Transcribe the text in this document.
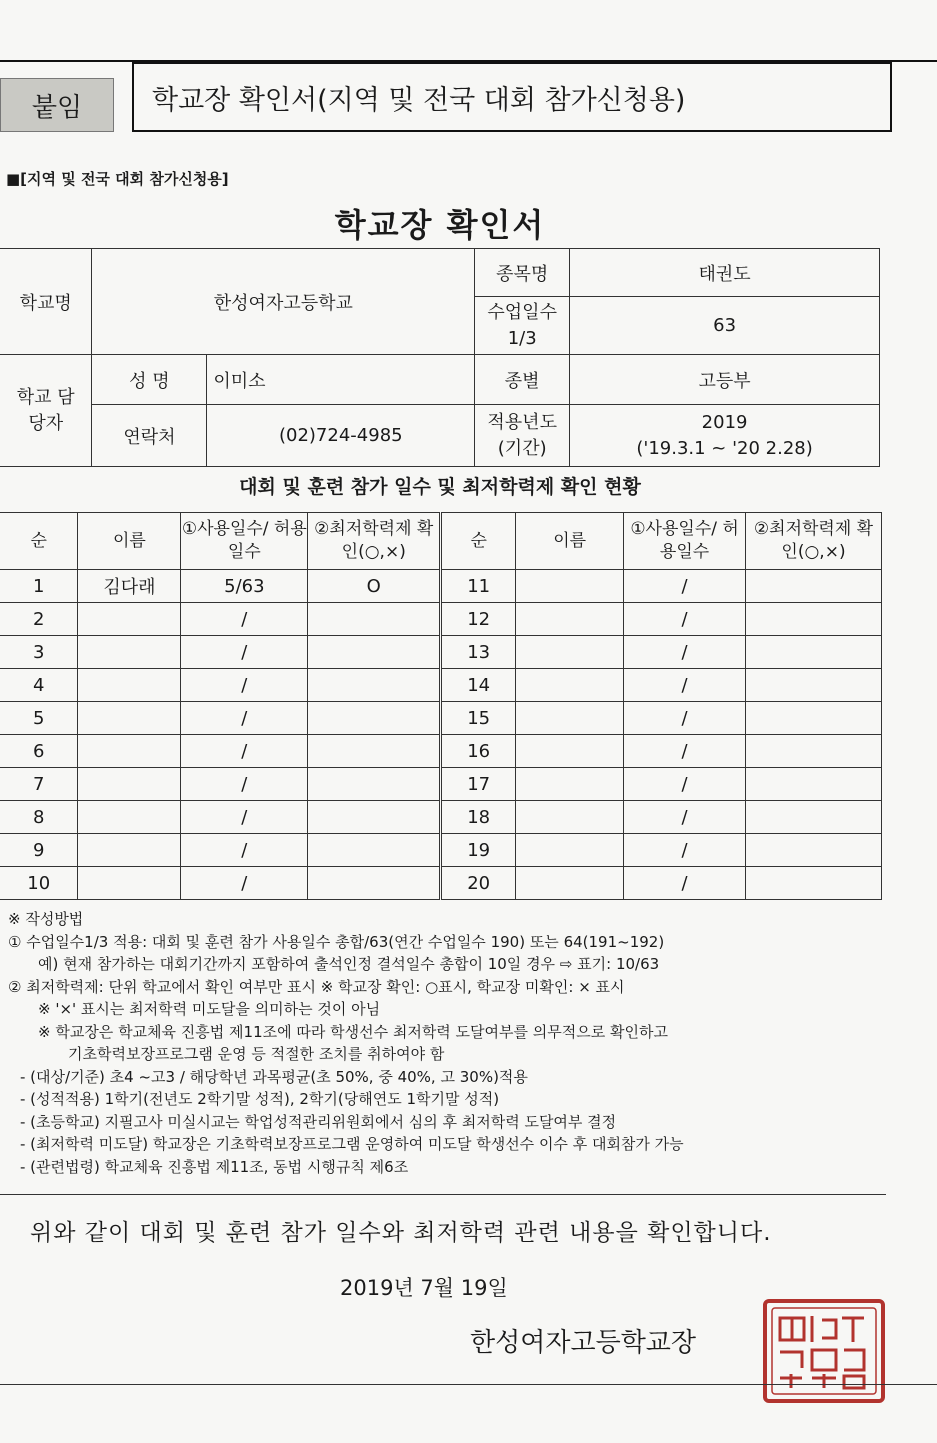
붙임	학교장 확인서(지역 및 전국 대회 참가신청용)
■[지역 및 전국 대회 참가신청용]
학교장 확인서
학교명	한성여자고등학교		종목명	태권도
			수업일수 1/3	63
학교 담당자	성 명	이미소	종별	고등부
	연락처	(02)724-4985	적용년도 (기간)	2019
('19.3.1 ~ '20 2.28)
대회 및 훈련 참가 일수 및 최저학력제 확인 현황
순	이름	①사용일수/ 허용일수	②최저학력제 확인(○,×)	순	이름	①사용일수/ 허용일수	②최저학력제 확인(○,×)
1	김다래	5/63	O	11		/	
2		/		12		/	
3		/		13		/	
4		/		14		/	
5		/		15		/	
6		/		16		/	
7		/		17		/	
8		/		18		/	
9		/		19		/	
10		/		20		/	
※ 작성방법
① 수업일수1/3 적용: 대회 및 훈련 참가 사용일수 총합/63(연간 수업일수 190) 또는 64(191~192)
예) 현재 참가하는 대회기간까지 포함하여 출석인정 결석일수 총합이 10일 경우 ⇨ 표기: 10/63
② 최저학력제: 단위 학교에서 확인 여부만 표시 ※ 학교장 확인: ○표시, 학교장 미확인: × 표시
※ '×' 표시는 최저학력 미도달을 의미하는 것이 아님
※ 학교장은 학교체육 진흥법 제11조에 따라 학생선수 최저학력 도달여부를 의무적으로 확인하고
기초학력보장프로그램 운영 등 적절한 조치를 취하여야 함
- (대상/기준) 초4 ~고3 / 해당학년 과목평균(초 50%, 중 40%, 고 30%)적용
- (성적적용) 1학기(전년도 2학기말 성적), 2학기(당해연도 1학기말 성적)
- (초등학교) 지필고사 미실시교는 학업성적관리위원회에서 심의 후 최저학력 도달여부 결정
- (최저학력 미도달) 학교장은 기초학력보장프로그램 운영하여 미도달 학생선수 이수 후 대회참가 가능
- (관련법령) 학교체육 진흥법 제11조, 동법 시행규칙 제6조
위와 같이 대회 및 훈련 참가 일수와 최저학력 관련 내용을 확인합니다.
2019년 7월 19일
한성여자고등학교장
